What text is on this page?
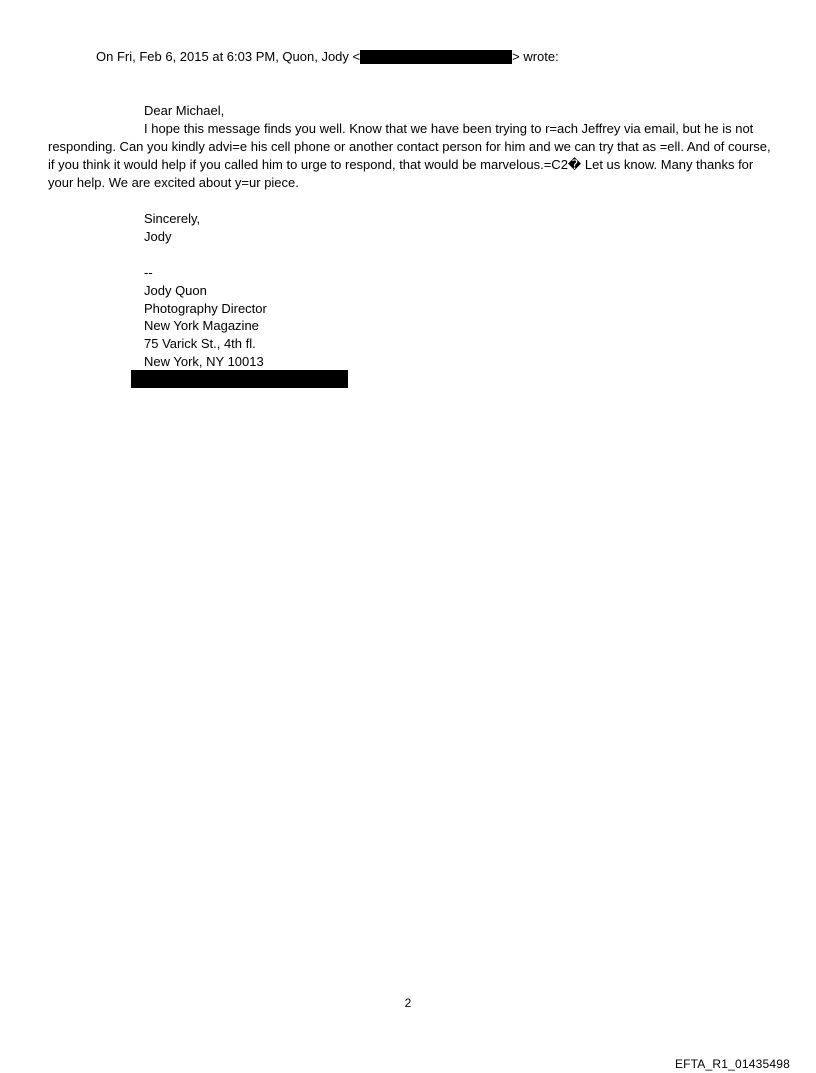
On Fri, Feb 6, 2015 at 6:03 PM, Quon, Jody <	> wrote:
Dear Michael,
I hope this message finds you well. Know that we have been trying to r=ach Jeffrey via email, but he is not responding. Can you kindly advi=e his cell phone or another contact person for him and we can try that as =ell. And of course, if you think it would help if you called him to urge to respond, that would be marvelous.=C2� Let us know. Many thanks for your help. We are excited about y=ur piece.
Sincerely,
Jody
--
Jody Quon
Photography Director
New York Magazine
75 Varick St., 4th fl.
New York, NY 10013
2
EFTA_R1_01435498
